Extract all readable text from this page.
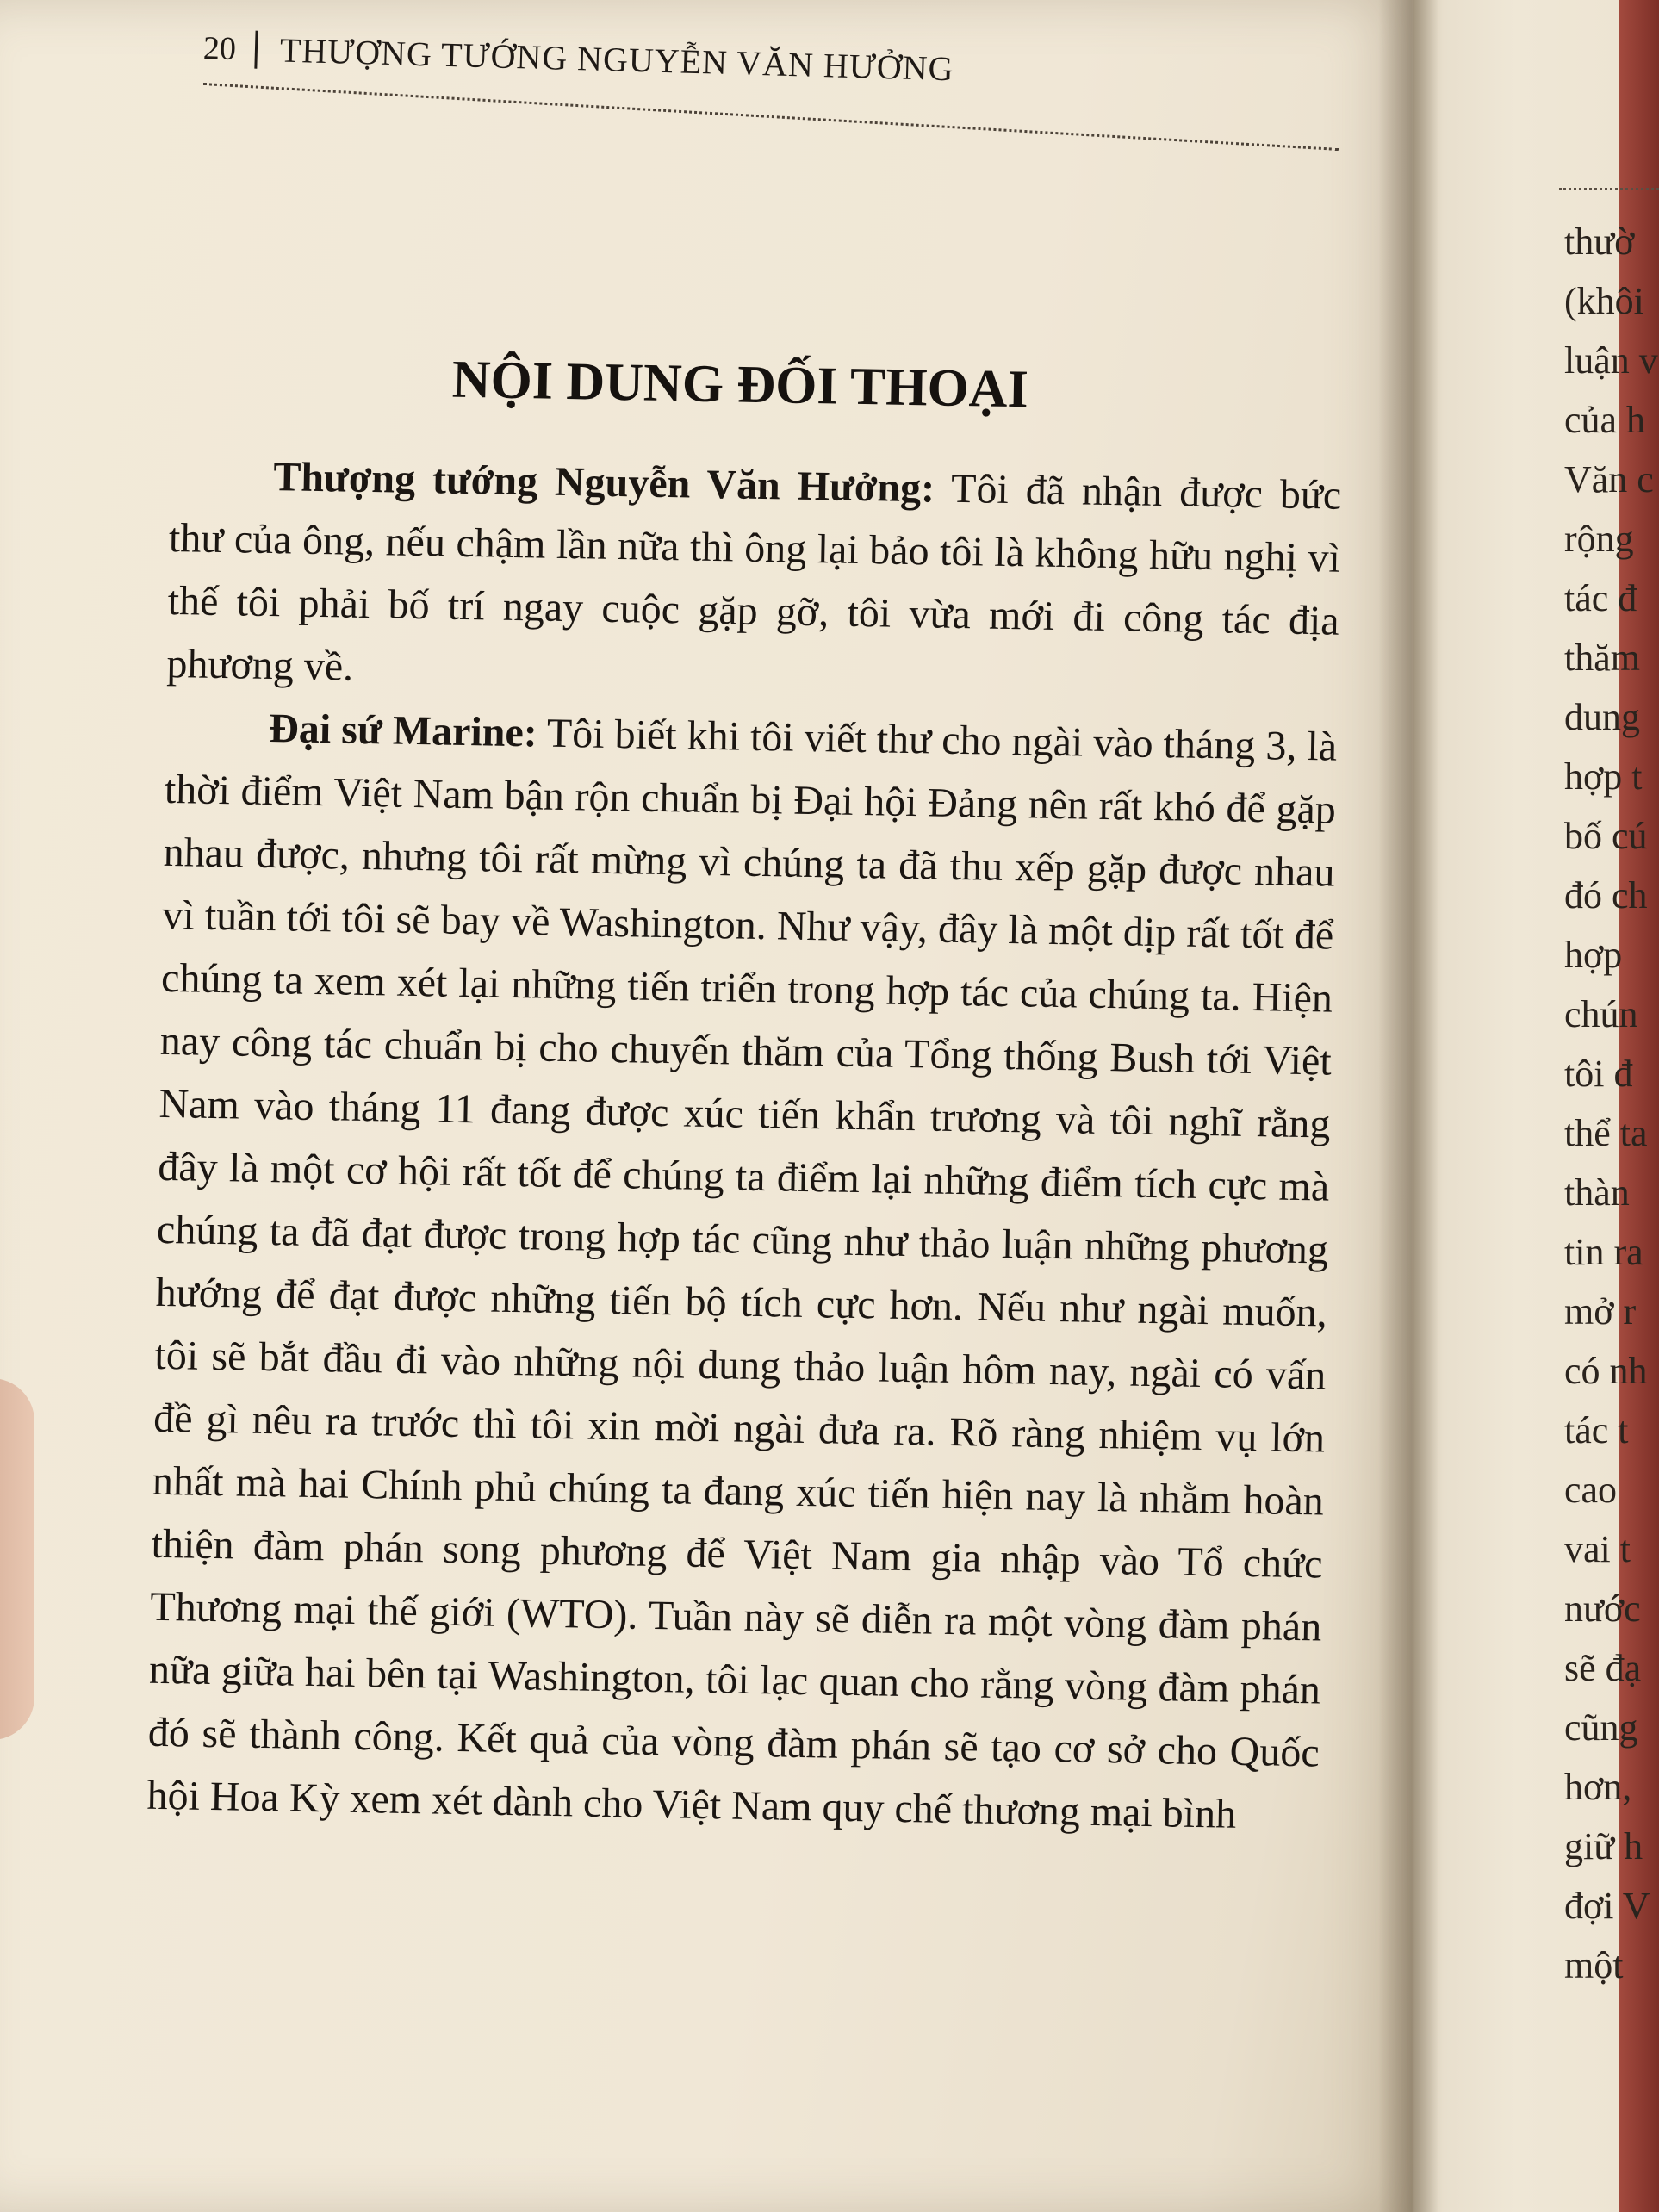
20 THƯỢNG TƯỚNG NGUYỄN VĂN HƯỞNG
NỘI DUNG ĐỐI THOẠI

Thượng tướng Nguyễn Văn Hưởng: Tôi đã nhận được bức thư của ông, nếu chậm lần nữa thì ông lại bảo tôi là không hữu nghị vì thế tôi phải bố trí ngay cuộc gặp gỡ, tôi vừa mới đi công tác địa phương về.

Đại sứ Marine: Tôi biết khi tôi viết thư cho ngài vào tháng 3, là thời điểm Việt Nam bận rộn chuẩn bị Đại hội Đảng nên rất khó để gặp nhau được, nhưng tôi rất mừng vì chúng ta đã thu xếp gặp được nhau vì tuần tới tôi sẽ bay về Washington. Như vậy, đây là một dịp rất tốt để chúng ta xem xét lại những tiến triển trong hợp tác của chúng ta. Hiện nay công tác chuẩn bị cho chuyến thăm của Tổng thống Bush tới Việt Nam vào tháng 11 đang được xúc tiến khẩn trương và tôi nghĩ rằng đây là một cơ hội rất tốt để chúng ta điểm lại những điểm tích cực mà chúng ta đã đạt được trong hợp tác cũng như thảo luận những phương hướng để đạt được những tiến bộ tích cực hơn. Nếu như ngài muốn, tôi sẽ bắt đầu đi vào những nội dung thảo luận hôm nay, ngài có vấn đề gì nêu ra trước thì tôi xin mời ngài đưa ra. Rõ ràng nhiệm vụ lớn nhất mà hai Chính phủ chúng ta đang xúc tiến hiện nay là nhằm hoàn thiện đàm phán song phương để Việt Nam gia nhập vào Tổ chức Thương mại thế giới (WTO). Tuần này sẽ diễn ra một vòng đàm phán nữa giữa hai bên tại Washington, tôi lạc quan cho rằng vòng đàm phán đó sẽ thành công. Kết quả của vòng đàm phán sẽ tạo cơ sở cho Quốc hội Hoa Kỳ xem xét dành cho Việt Nam quy chế thương mại bình

thườ
(khôi
luận v
của h
Văn c
rộng
tác đ
thăm
dung
hợp t
bố cú
đó ch
hợp
chún
tôi đ
thể ta
thàn
tin ra
mở r
có nh
tác t
cao
vai t
nước
sẽ đạ
cũng
hơn,
giữ h
đợi V
một
